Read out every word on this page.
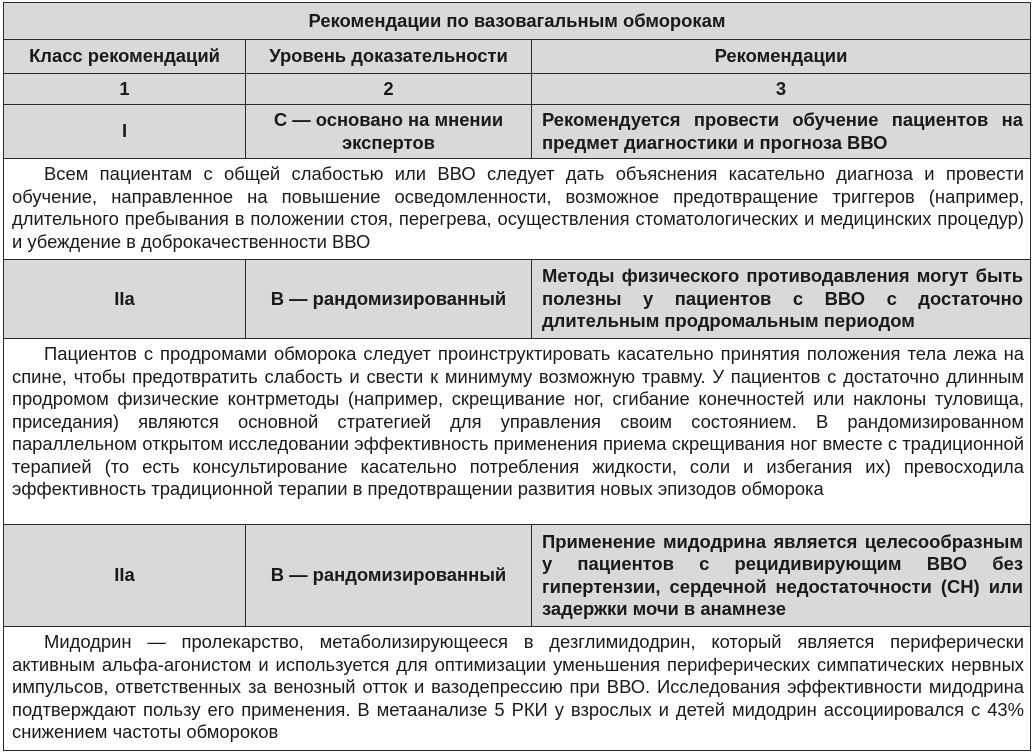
Рекомендации по вазовагальным обморокам		
Класс рекомендаций	Уровень доказательности	Рекомендации
1	2	3
I	С — основано на мнении экспертов	Рекомендуется провести обучение пациентов на предмет диагностики и прогноза ВВО
Всем пациентам с общей слабостью или ВВО следует дать объяснения касательно диагноза и провести обучение, направленное на повышение осведомленности, возможное предотвращение триггеров (например, длительного пребывания в положении стоя, перегрева, осуществления стоматологических и медицинских процедур) и убеждение в доброкачественности ВВО		
IIa	В — рандомизированный	Методы физического противодавления могут быть полезны у пациентов с ВВО с достаточно длительным продромальным периодом
Пациентов с продромами обморока следует проинструктировать касательно принятия положения тела лежа на спине, чтобы предотвратить слабость и свести к минимуму возможную травму. У пациентов с достаточно длинным продромом физические контрметоды (например, скрещивание ног, сгибание конечностей или наклоны туловища, приседания) являются основной стратегией для управления своим состоянием. В рандомизированном параллельном открытом исследовании эффективность применения приема скрещивания ног вместе с традиционной терапией (то есть консультирование касательно потребления жидкости, соли и избегания их) превосходила эффективность традиционной терапии в предотвращении развития новых эпизодов обморока		
IIa	В — рандомизированный	Применение мидодрина является целесообразным у пациентов с рецидивирующим ВВО без гипертензии, сердечной недостаточности (СН) или задержки мочи в анамнезе
Мидодрин — пролекарство, метаболизирующееся в дезглимидодрин, который является периферически активным альфа-агонистом и используется для оптимизации уменьшения периферических симпатических нервных импульсов, ответственных за венозный отток и вазодепрессию при ВВО. Исследования эффективности мидодрина подтверждают пользу его применения. В метаанализе 5 РКИ у взрослых и детей мидодрин ассоциировался с 43% снижением частоты обмороков		
